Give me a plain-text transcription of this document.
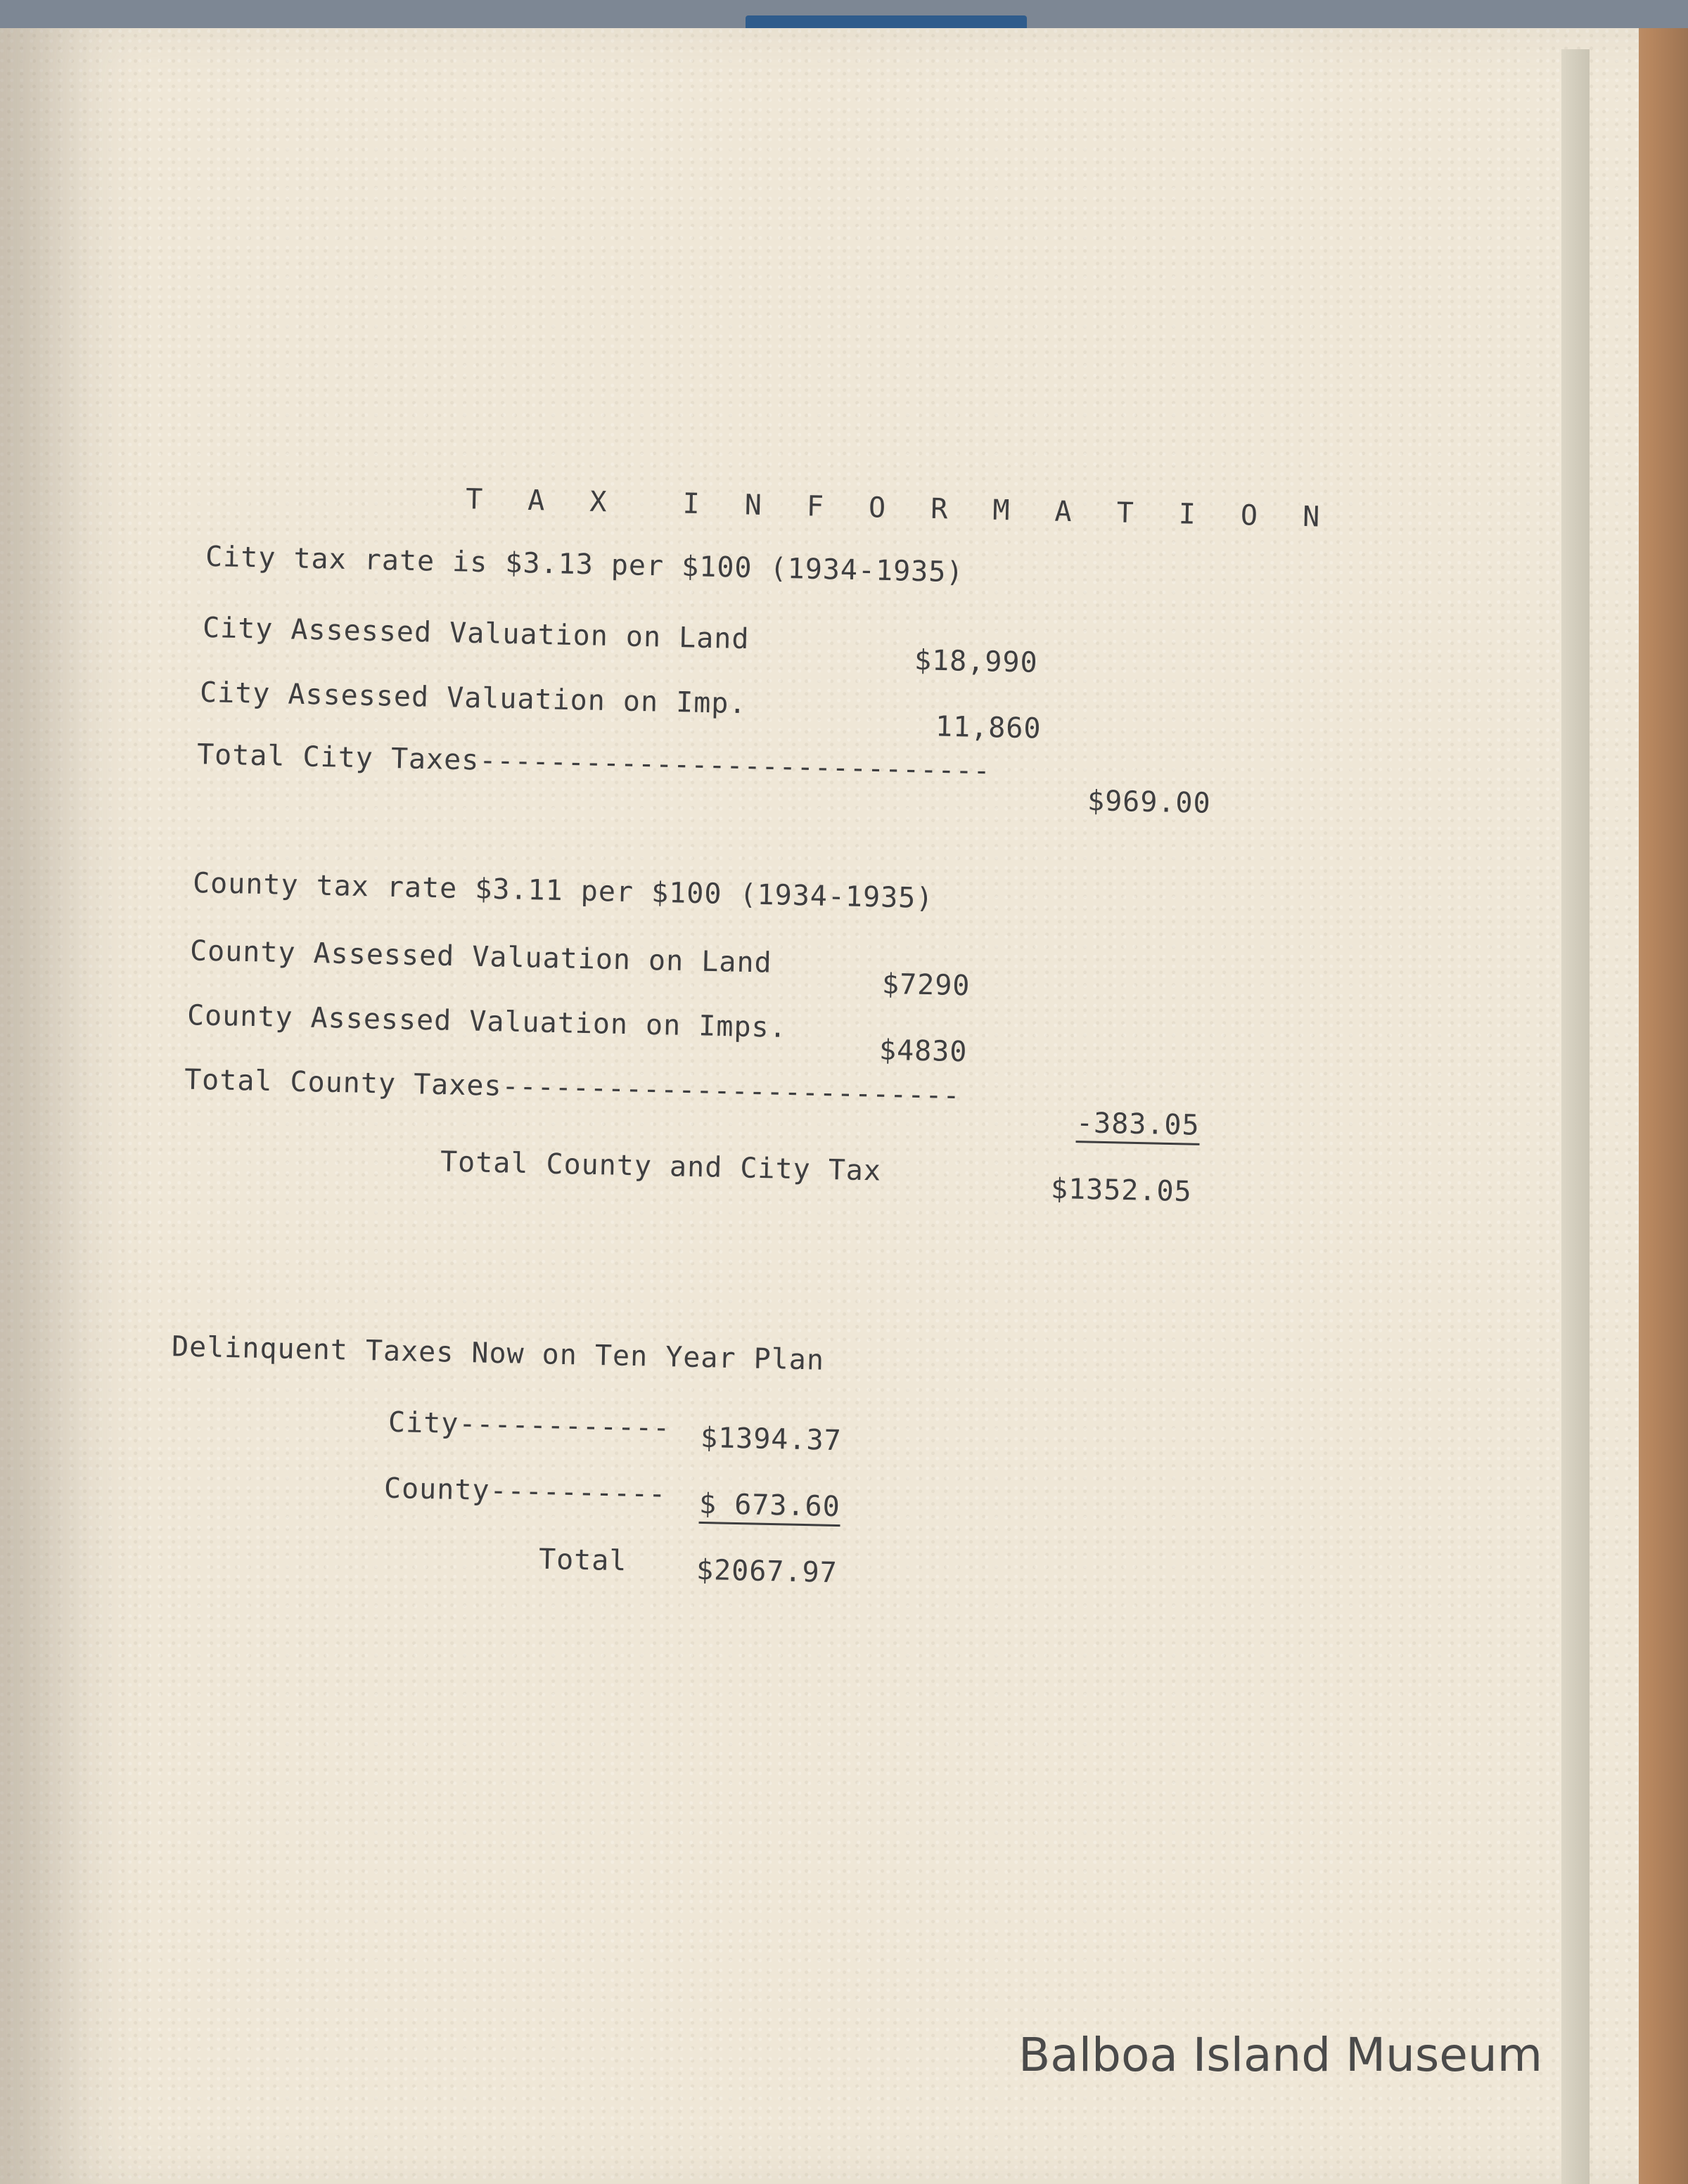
T A X  I N F O R M A T I O N
City tax rate is $3.13 per $100 (1934-1935)
City Assessed Valuation on Land
$18,990
City Assessed Valuation on Imp.
11,860
Total City Taxes-----------------------------
$969.00
County tax rate $3.11 per $100 (1934-1935)
County Assessed Valuation on Land
$7290
County Assessed Valuation on Imps.
$4830
Total County Taxes--------------------------
-383.05
Total County and City Tax
$1352.05
Delinquent Taxes Now on Ten Year Plan
City------------ $1394.37
County---------- $ 673.60
Total $2067.97
Balboa Island Museum
